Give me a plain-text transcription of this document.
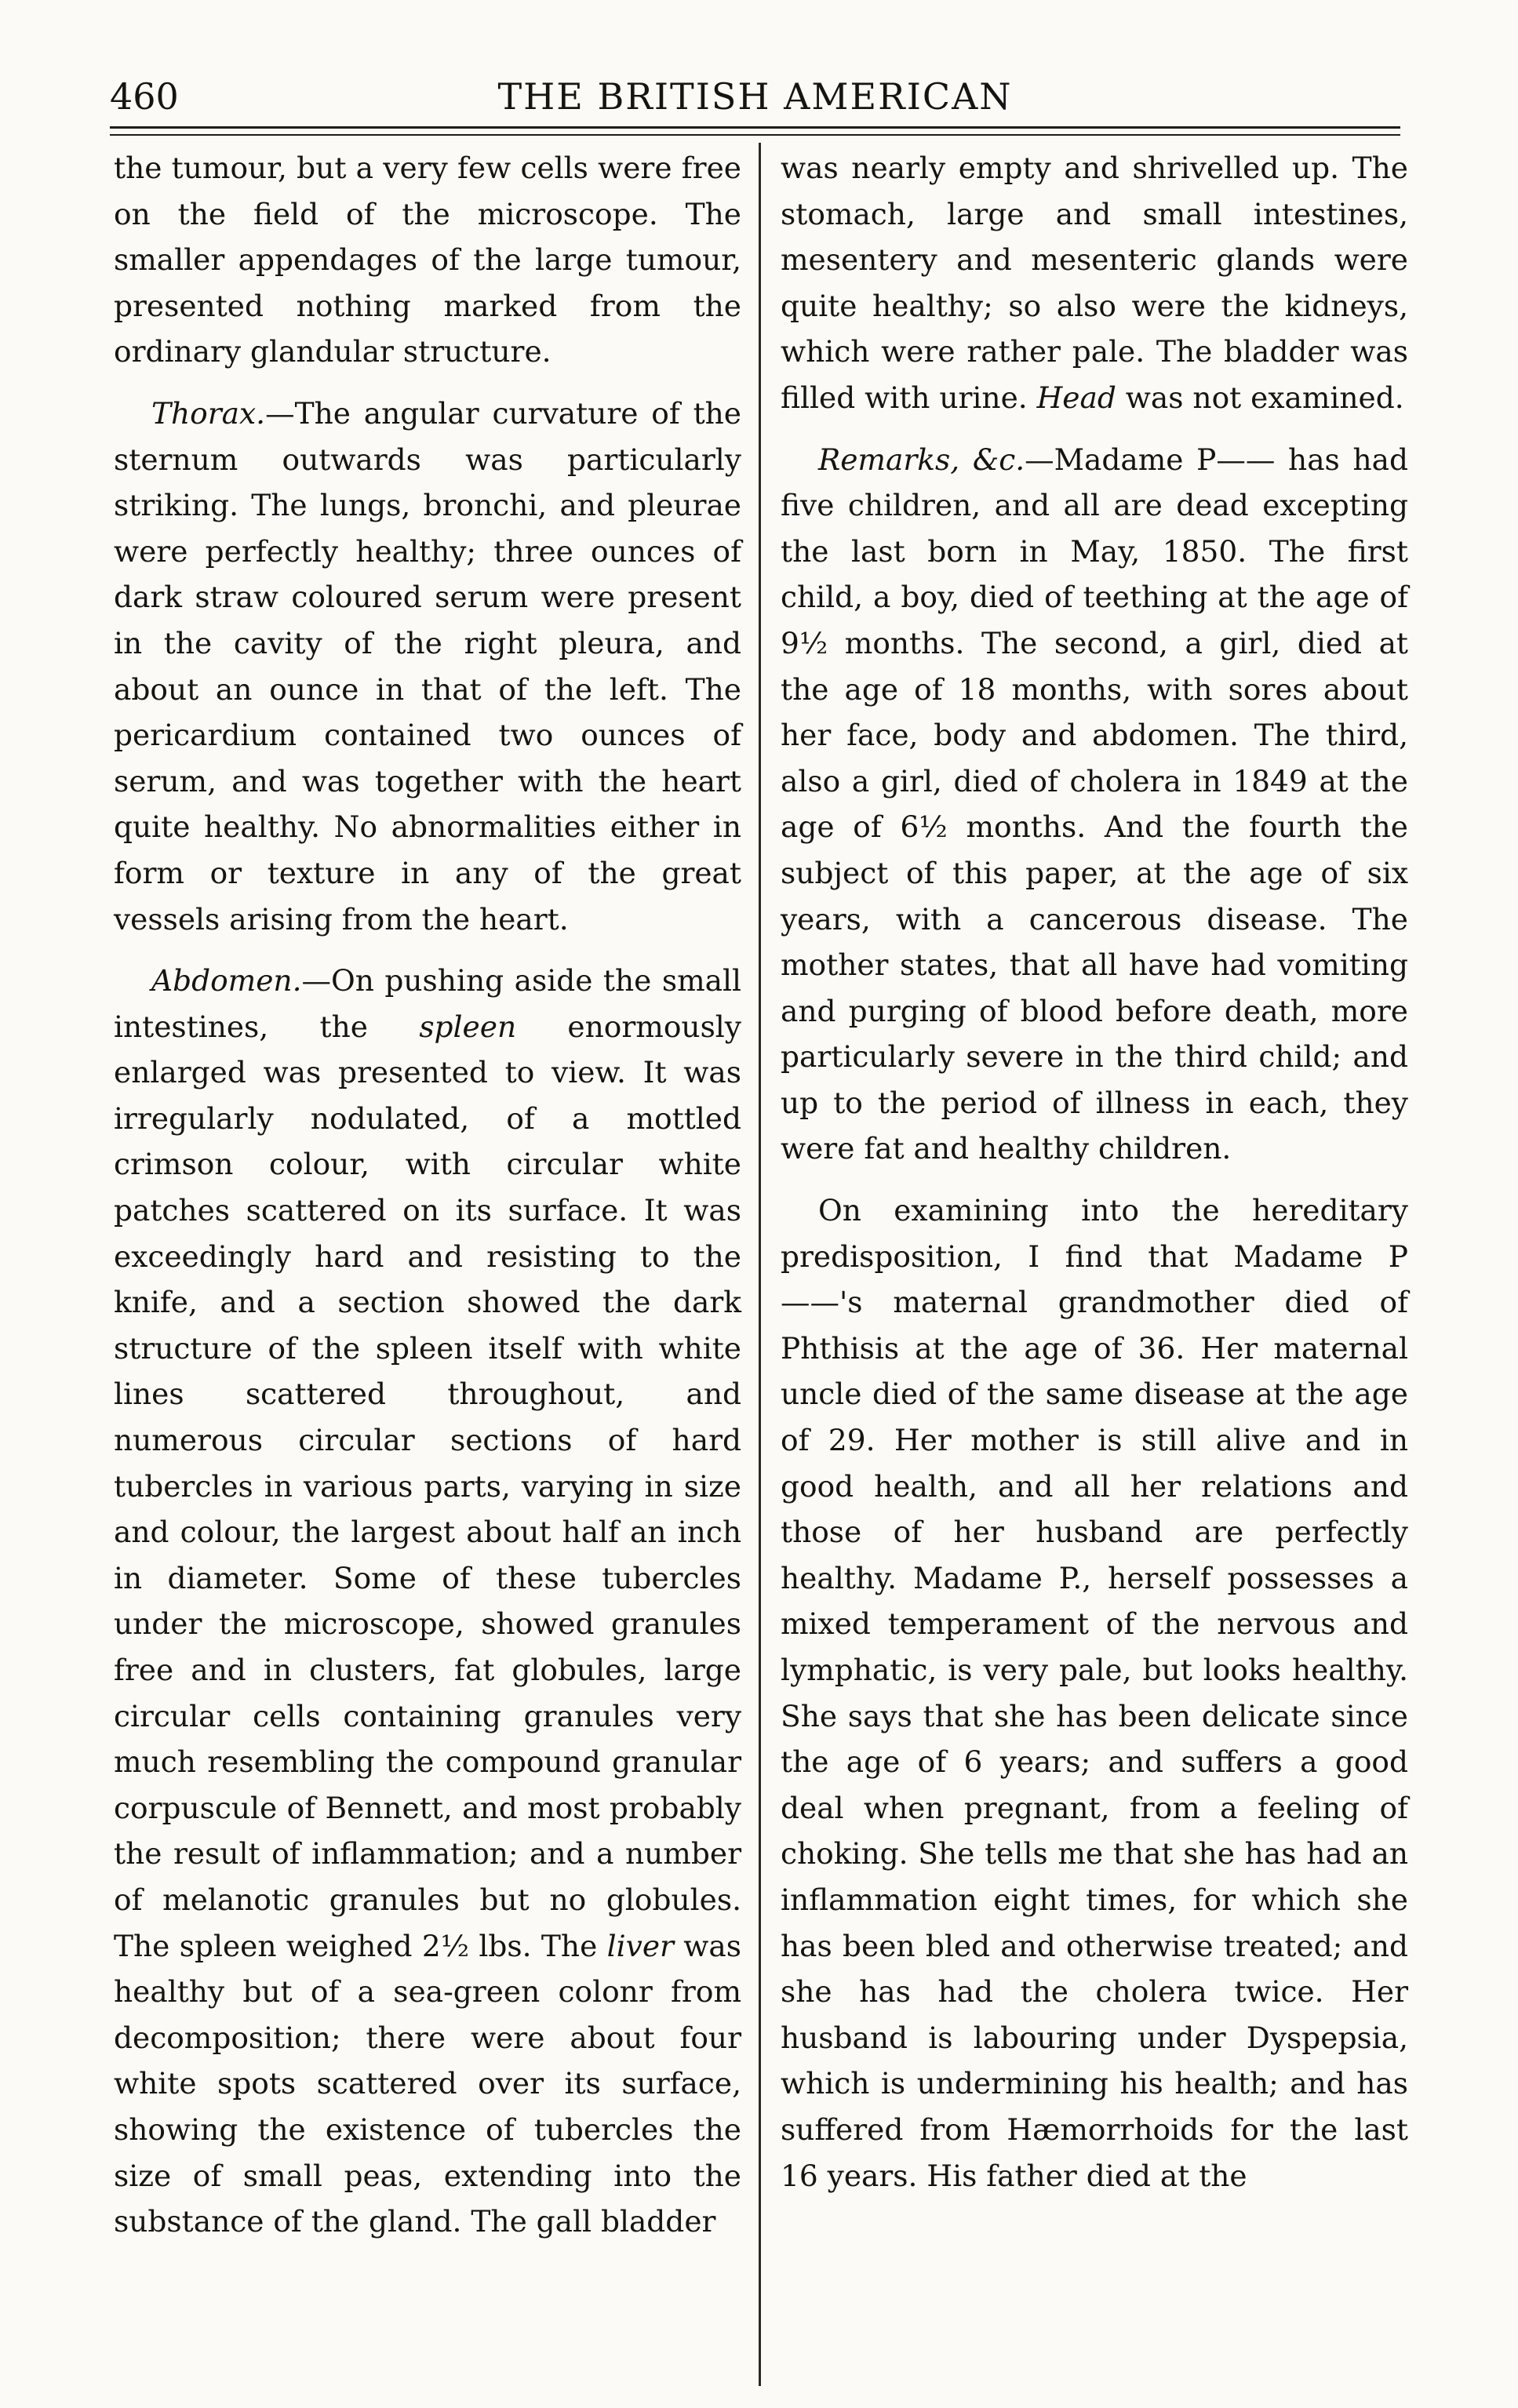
460	THE BRITISH AMERICAN

the tumour, but a very few cells were free on the field of the microscope. The smaller appendages of the large tumour, presented nothing marked from the ordinary glandular structure.

Thorax.—The angular curvature of the sternum outwards was particularly striking. The lungs, bronchi, and pleurae were perfectly healthy; three ounces of dark straw coloured serum were present in the cavity of the right pleura, and about an ounce in that of the left. The pericardium contained two ounces of serum, and was together with the heart quite healthy. No abnormalities either in form or texture in any of the great vessels arising from the heart.

Abdomen.—On pushing aside the small intestines, the spleen enormously enlarged was presented to view. It was irregularly nodulated, of a mottled crimson colour, with circular white patches scattered on its surface. It was exceedingly hard and resisting to the knife, and a section showed the dark structure of the spleen itself with white lines scattered throughout, and numerous circular sections of hard tubercles in various parts, varying in size and colour, the largest about half an inch in diameter. Some of these tubercles under the microscope, showed granules free and in clusters, fat globules, large circular cells containing granules very much resembling the compound granular corpuscule of Bennett, and most probably the result of inflammation; and a number of melanotic granules but no globules. The spleen weighed 2½ lbs. The liver was healthy but of a sea-green colonr from decomposition; there were about four white spots scattered over its surface, showing the existence of tubercles the size of small peas, extending into the substance of the gland. The gall bladder

was nearly empty and shrivelled up. The stomach, large and small intestines, mesentery and mesenteric glands were quite healthy; so also were the kidneys, which were rather pale. The bladder was filled with urine. Head was not examined.

Remarks, &c.—Madame P—— has had five children, and all are dead excepting the last born in May, 1850. The first child, a boy, died of teething at the age of 9½ months. The second, a girl, died at the age of 18 months, with sores about her face, body and abdomen. The third, also a girl, died of cholera in 1849 at the age of 6½ months. And the fourth the subject of this paper, at the age of six years, with a cancerous disease. The mother states, that all have had vomiting and purging of blood before death, more particularly severe in the third child; and up to the period of illness in each, they were fat and healthy children.

On examining into the hereditary predisposition, I find that Madame P——'s maternal grandmother died of Phthisis at the age of 36. Her maternal uncle died of the same disease at the age of 29. Her mother is still alive and in good health, and all her relations and those of her husband are perfectly healthy. Madame P., herself possesses a mixed temperament of the nervous and lymphatic, is very pale, but looks healthy. She says that she has been delicate since the age of 6 years; and suffers a good deal when pregnant, from a feeling of choking. She tells me that she has had an inflammation eight times, for which she has been bled and otherwise treated; and she has had the cholera twice. Her husband is labouring under Dyspepsia, which is undermining his health; and has suffered from Hæmorrhoids for the last 16 years. His father died at the
